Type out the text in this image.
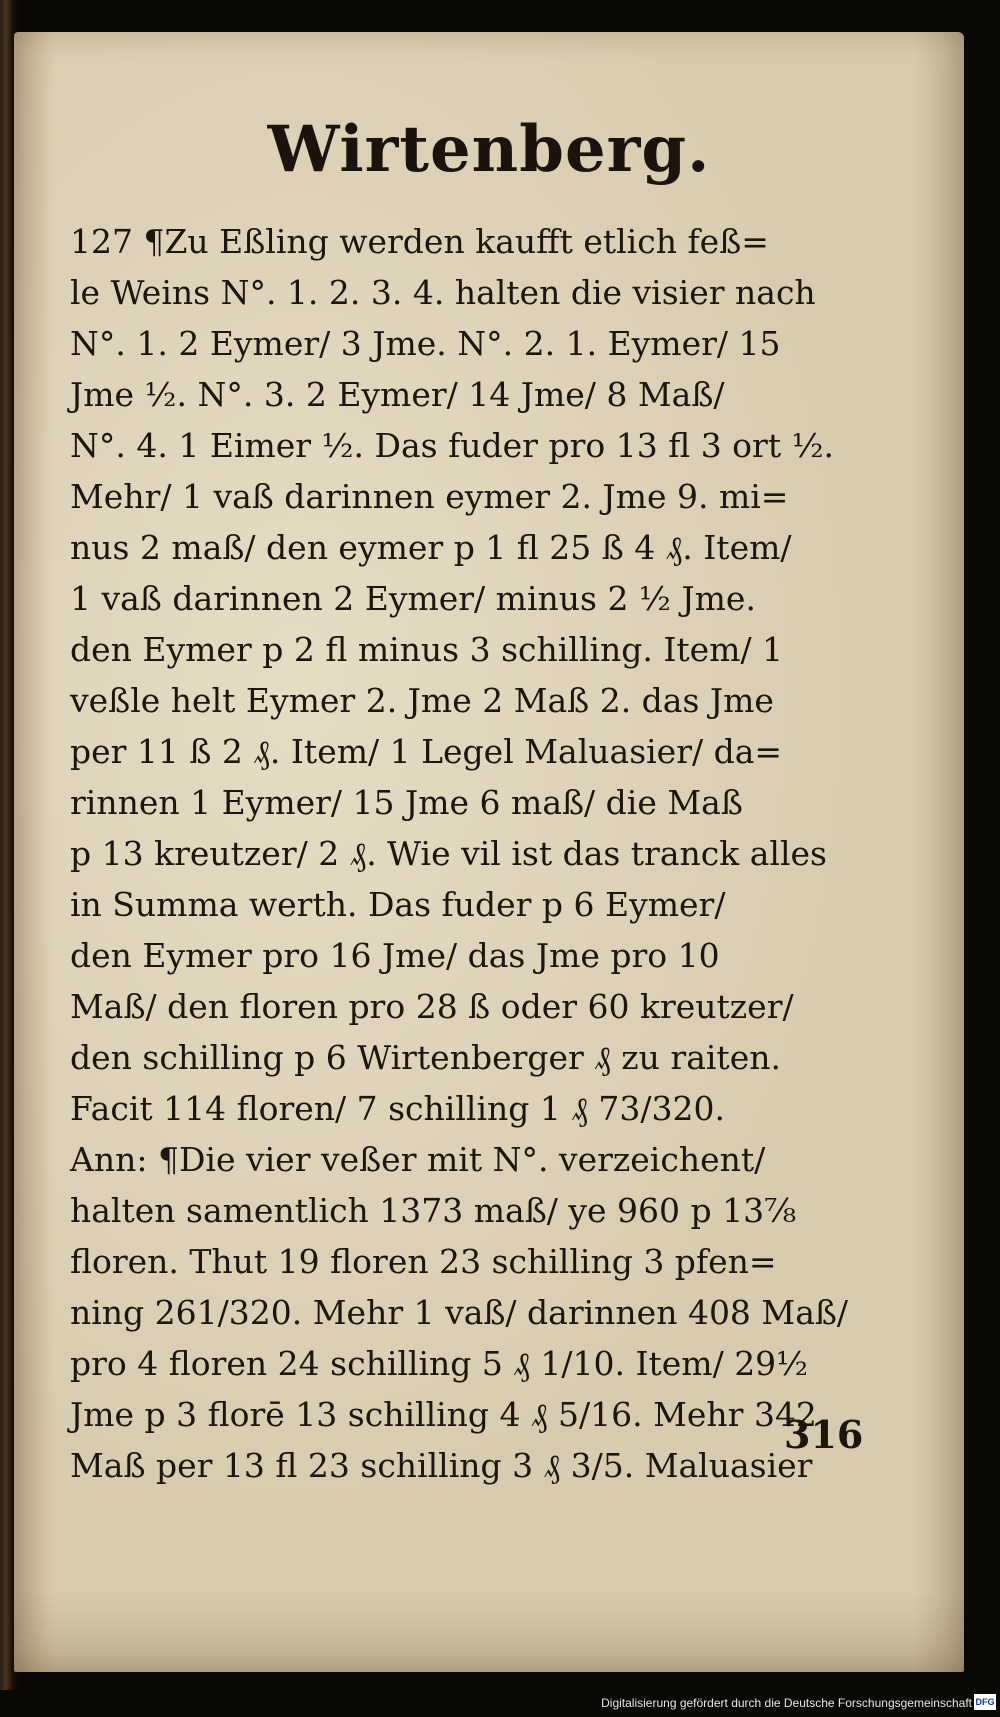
Wirtenberg.
127 ¶Zu Eßling werden kaufft etlich feß=
le Weins N°. 1. 2. 3. 4. halten die visier nach
N°. 1. 2 Eymer/ 3 Jme. N°. 2. 1. Eymer/ 15
Jme ½. N°. 3. 2 Eymer/ 14 Jme/ 8 Maß/
N°. 4. 1 Eimer ½. Das fuder pro 13 fl 3 ort ½.
Mehr/ 1 vaß darinnen eymer 2. Jme 9. mi=
nus 2 maß/ den eymer p 1 fl 25 ß 4 ₰. Item/
1 vaß darinnen 2 Eymer/ minus 2 ½ Jme.
den Eymer p 2 fl minus 3 schilling. Item/ 1
veßle helt Eymer 2. Jme 2 Maß 2. das Jme
per 11 ß 2 ₰. Item/ 1 Legel Maluasier/ da=
rinnen 1 Eymer/ 15 Jme 6 maß/ die Maß
p 13 kreutzer/ 2 ₰. Wie vil ist das tranck alles
in Summa werth. Das fuder p 6 Eymer/
den Eymer pro 16 Jme/ das Jme pro 10
Maß/ den floren pro 28 ß oder 60 kreutzer/
den schilling p 6 Wirtenberger ₰ zu raiten.
Facit 114 floren/ 7 schilling 1 ₰ 73/320.
Ann: ¶Die vier veßer mit N°. verzeichent/
halten samentlich 1373 maß/ ye 960 p 13⅞
floren. Thut 19 floren 23 schilling 3 pfen=
ning 261/320. Mehr 1 vaß/ darinnen 408 Maß/
pro 4 floren 24 schilling 5 ₰ 1/10. Item/ 29½
Jme p 3 florē 13 schilling 4 ₰ 5/16. Mehr 342
Maß per 13 fl 23 schilling 3 ₰ 3/5. Maluasier
316
Digitalisierung gefördert durch die Deutsche Forschungsgemeinschaft DFG
